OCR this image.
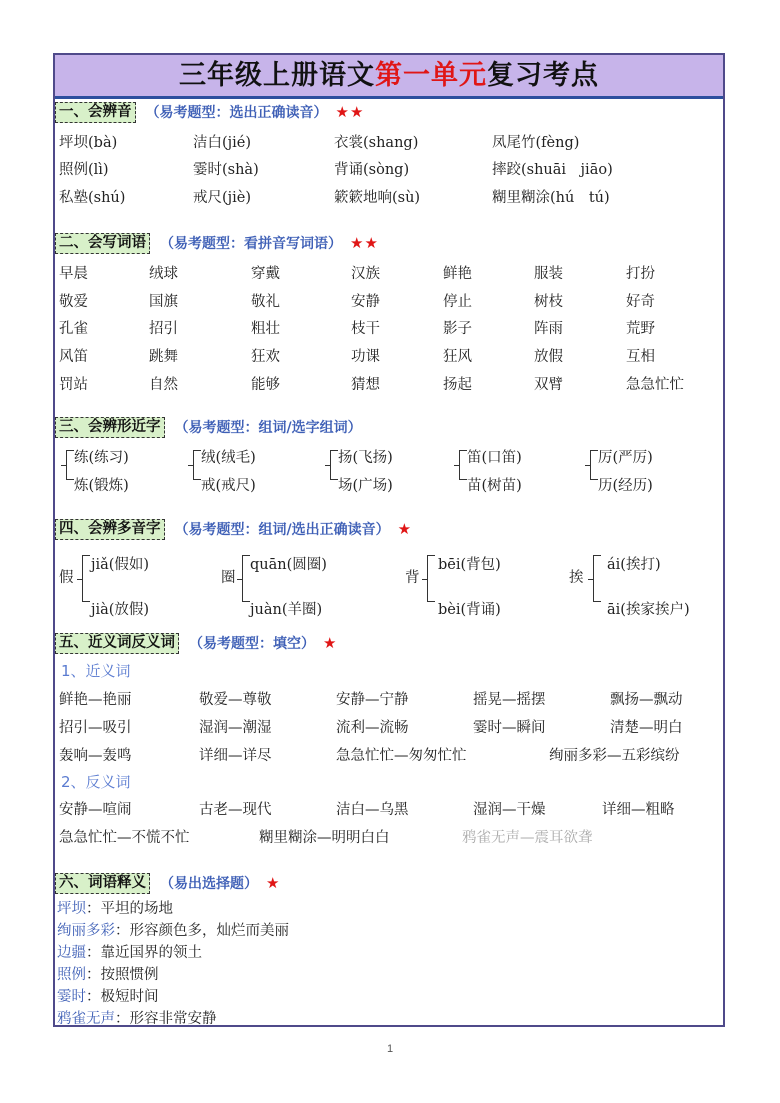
三年级上册语文第一单元复习考点
一、会辨音 （易考题型：选出正确读音） ★★
坪坝(bà)	洁白(jié)	衣裳(shang)	凤尾竹(fèng)
照例(lì)	霎时(shà)	背诵(sòng)	摔跤(shuāi　jiāo)
私塾(shú)	戒尺(jiè)	簌簌地响(sù)	糊里糊涂(hú　tú)
二、会写词语 （易考题型：看拼音写词语） ★★
早晨	绒球	穿戴	汉族	鲜艳	服装	打扮
敬爱	国旗	敬礼	安静	停止	树枝	好奇
孔雀	招引	粗壮	枝干	影子	阵雨	荒野
风笛	跳舞	狂欢	功课	狂风	放假	互相
罚站	自然	能够	猜想	扬起	双臂	急急忙忙
三、会辨形近字 （易考题型：组词/选字组词）
练(练习)
炼(锻炼)
绒(绒毛)
戒(戒尺)
扬(飞扬)
场(广场)
笛(口笛)
苗(树苗)
厉(严厉)
历(经历)
四、会辨多音字 （易考题型：组词/选出正确读音） ★
假
jiǎ(假如)
jià(放假)
圈
quān(圆圈)
juàn(羊圈)
背
bēi(背包)
bèi(背诵)
挨
ái(挨打)
āi(挨家挨户)
五、近义词反义词 （易考题型：填空） ★
1、近义词
鲜艳—艳丽	敬爱—尊敬	安静—宁静	摇晃—摇摆	飘扬—飘动
招引—吸引	湿润—潮湿	流利—流畅	霎时—瞬间	清楚—明白
轰响—轰鸣	详细—详尽	急急忙忙—匆匆忙忙	绚丽多彩—五彩缤纷
2、反义词
安静—喧闹	古老—现代	洁白—乌黑	湿润—干燥	详细—粗略
急急忙忙—不慌不忙	糊里糊涂—明明白白	鸦雀无声—震耳欲聋
六、词语释义 （易出选择题） ★
坪坝：平坦的场地
绚丽多彩：形容颜色多，灿烂而美丽
边疆：靠近国界的领土
照例：按照惯例
霎时：极短时间
鸦雀无声：形容非常安静
1
